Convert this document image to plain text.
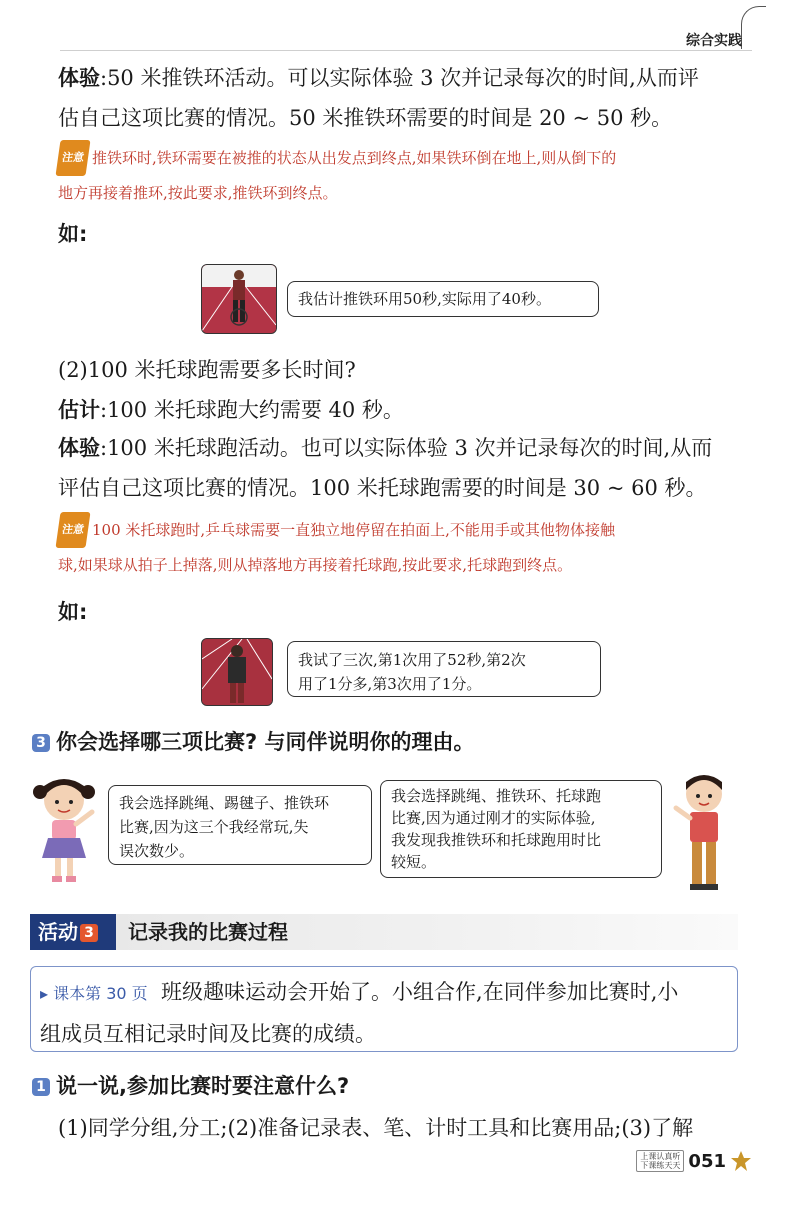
综合实践
体验:50 米推铁环活动。可以实际体验 3 次并记录每次的时间,从而评
估自己这项比赛的情况。50 米推铁环需要的时间是 20 ~ 50 秒。
注意 推铁环时,铁环需要在被推的状态从出发点到终点,如果铁环倒在地上,则从倒下的
地方再接着推环,按此要求,推铁环到终点。
如:
我估计推铁环用50秒,实际用了40秒。
(2)100 米托球跑需要多长时间?
估计:100 米托球跑大约需要 40 秒。
体验:100 米托球跑活动。也可以实际体验 3 次并记录每次的时间,从而
评估自己这项比赛的情况。100 米托球跑需要的时间是 30 ~ 60 秒。
注意 100 米托球跑时,乒乓球需要一直独立地停留在拍面上,不能用手或其他物体接触
球,如果球从拍子上掉落,则从掉落地方再接着托球跑,按此要求,托球跑到终点。
如:
我试了三次,第1次用了52秒,第2次
用了1分多,第3次用了1分。
3 你会选择哪三项比赛? 与同伴说明你的理由。
我会选择跳绳、踢毽子、推铁环
比赛,因为这三个我经常玩,失
误次数少。
我会选择跳绳、推铁环、托球跑
比赛,因为通过刚才的实际体验,
我发现我推铁环和托球跑用时比
较短。
活动 3	记录我的比赛过程
▸ 课本第 30 页 班级趣味运动会开始了。小组合作,在同伴参加比赛时,小
组成员互相记录时间及比赛的成绩。
1 说一说,参加比赛时要注意什么?
(1)同学分组,分工;(2)准备记录表、笔、计时工具和比赛用品;(3)了解
上课认真听
下课练天天 051
